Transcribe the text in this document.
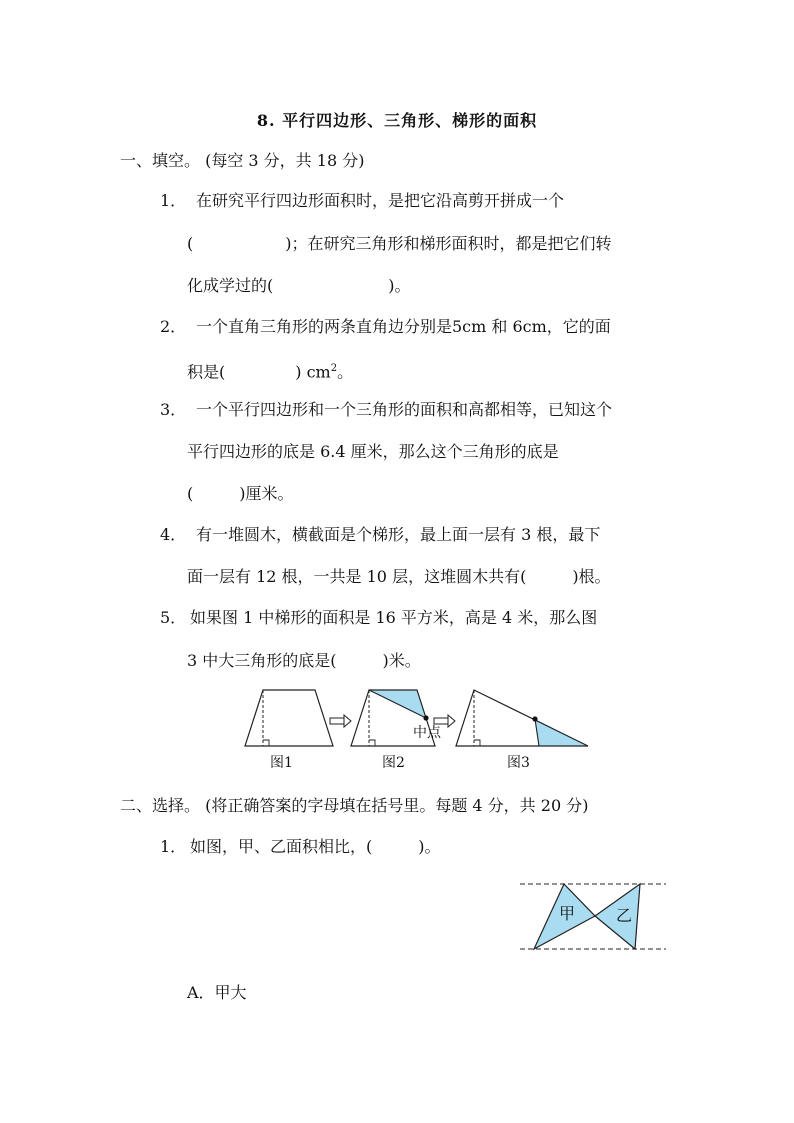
8. 平行四边形、三角形、梯形的面积
一、填空。 (每空 3 分，共 18 分)
1． 在研究平行四边形面积时，是把它沿高剪开拼成一个
(	)；在研究三角形和梯形面积时，都是把它们转
化成学过的(	)。
2． 一个直角三角形的两条直角边分别是5cm 和 6cm，它的面
积是(	) $cm^2$。
3． 一个平行四边形和一个三角形的面积和高都相等，已知这个
平行四边形的底是 6.4 厘米，那么这个三角形的底是
(	)厘米。
4． 有一堆圆木，横截面是个梯形，最上面一层有 3 根，最下
面一层有 12 根，一共是 10 层，这堆圆木共有(	)根。
5． 如果图 1 中梯形的面积是 16 平方米，高是 4 米，那么图
3 中大三角形的底是(	)米。
中点
图1	图2	图3
二、选择。 (将正确答案的字母填在括号里。每题 4 分，共 20 分)
1． 如图，甲、乙面积相比，(	)。
甲	乙
A．甲大
